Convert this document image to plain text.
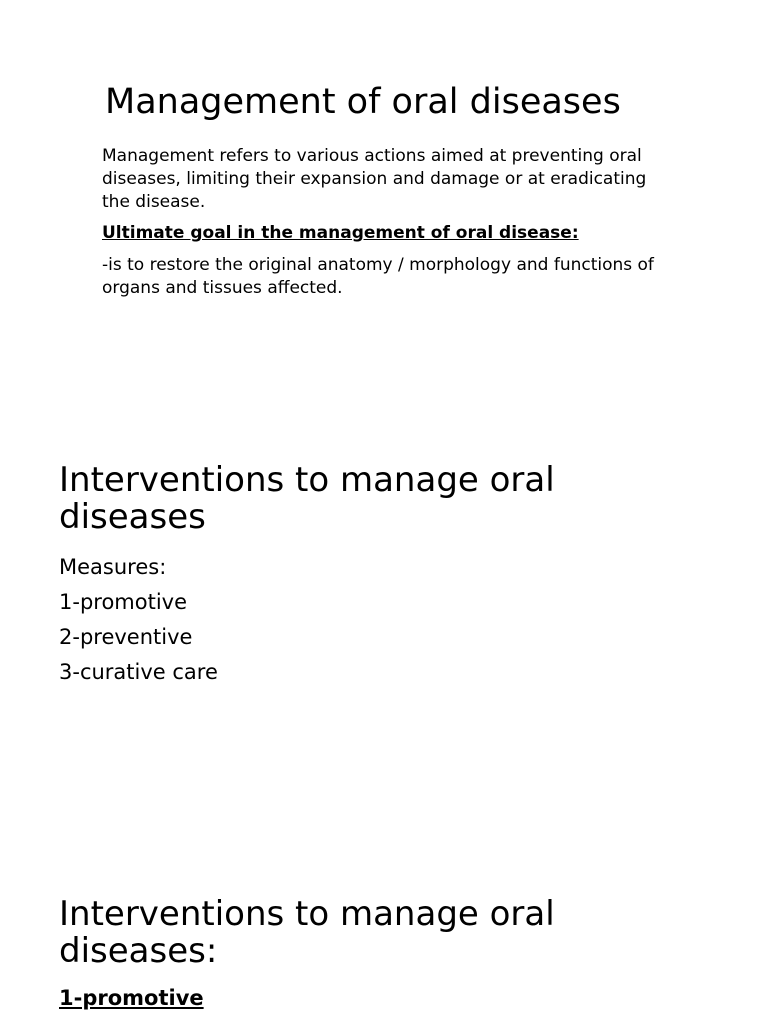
Management of oral diseases

Management refers to various actions aimed at preventing oral diseases, limiting their expansion and damage or at eradicating the disease.

Ultimate goal in the management of oral disease:

-is to restore the original anatomy / morphology and functions of organs and tissues affected.

Interventions to manage oral diseases
Measures:
1-promotive
2-preventive
3-curative care
Interventions to manage oral diseases:

1-promotive
